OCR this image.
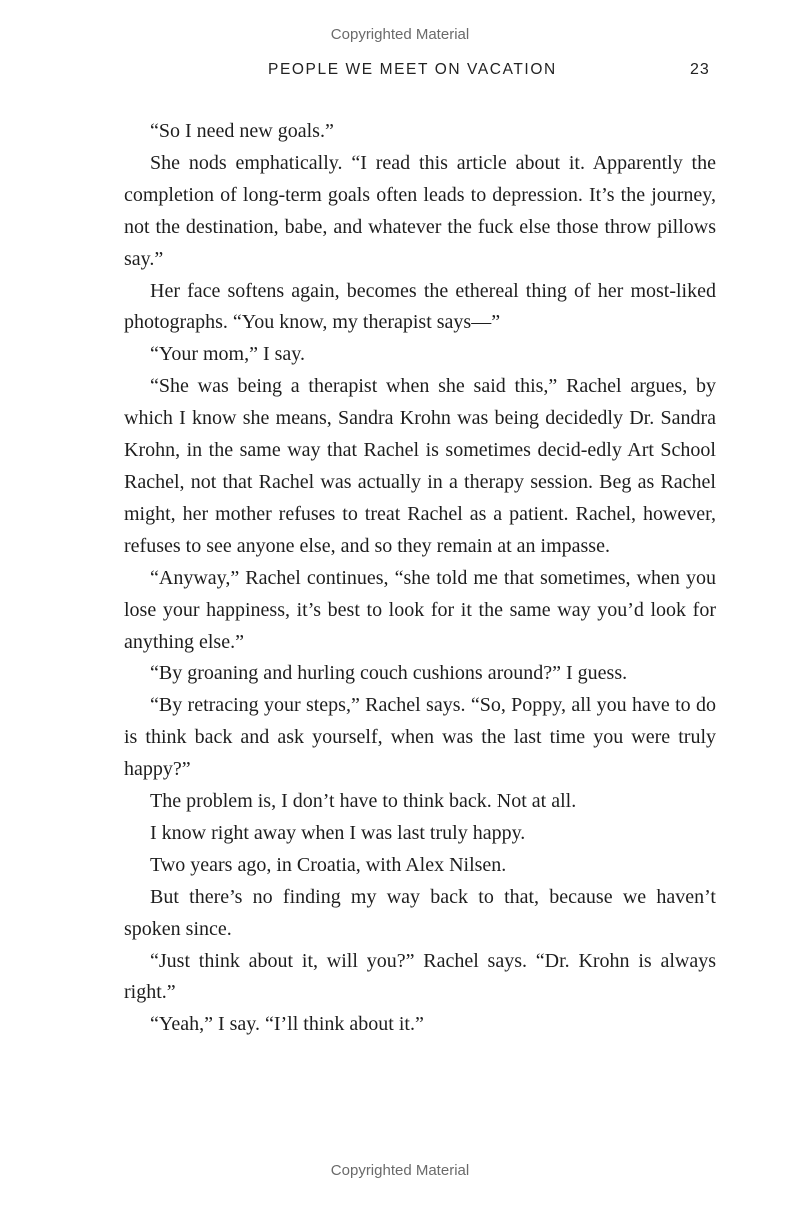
Copyrighted Material
PEOPLE WE MEET ON VACATION	23

“So I need new goals.”

She nods emphatically. “I read this article about it. Apparently the completion of long-term goals often leads to depression. It’s the journey, not the destination, babe, and whatever the fuck else those throw pillows say.”

Her face softens again, becomes the ethereal thing of her most-liked photographs. “You know, my therapist says—”

“Your mom,” I say.

“She was being a therapist when she said this,” Rachel argues, by which I know she means, Sandra Krohn was being decidedly Dr. Sandra Krohn, in the same way that Rachel is sometimes decid-edly Art School Rachel, not that Rachel was actually in a therapy session. Beg as Rachel might, her mother refuses to treat Rachel as a patient. Rachel, however, refuses to see anyone else, and so they remain at an impasse.

“Anyway,” Rachel continues, “she told me that sometimes, when you lose your happiness, it’s best to look for it the same way you’d look for anything else.”

“By groaning and hurling couch cushions around?” I guess.

“By retracing your steps,” Rachel says. “So, Poppy, all you have to do is think back and ask yourself, when was the last time you were truly happy?”

The problem is, I don’t have to think back. Not at all.

I know right away when I was last truly happy.

Two years ago, in Croatia, with Alex Nilsen.

But there’s no finding my way back to that, because we haven’t spoken since.

“Just think about it, will you?” Rachel says. “Dr. Krohn is always right.”

“Yeah,” I say. “I’ll think about it.”

Copyrighted Material
